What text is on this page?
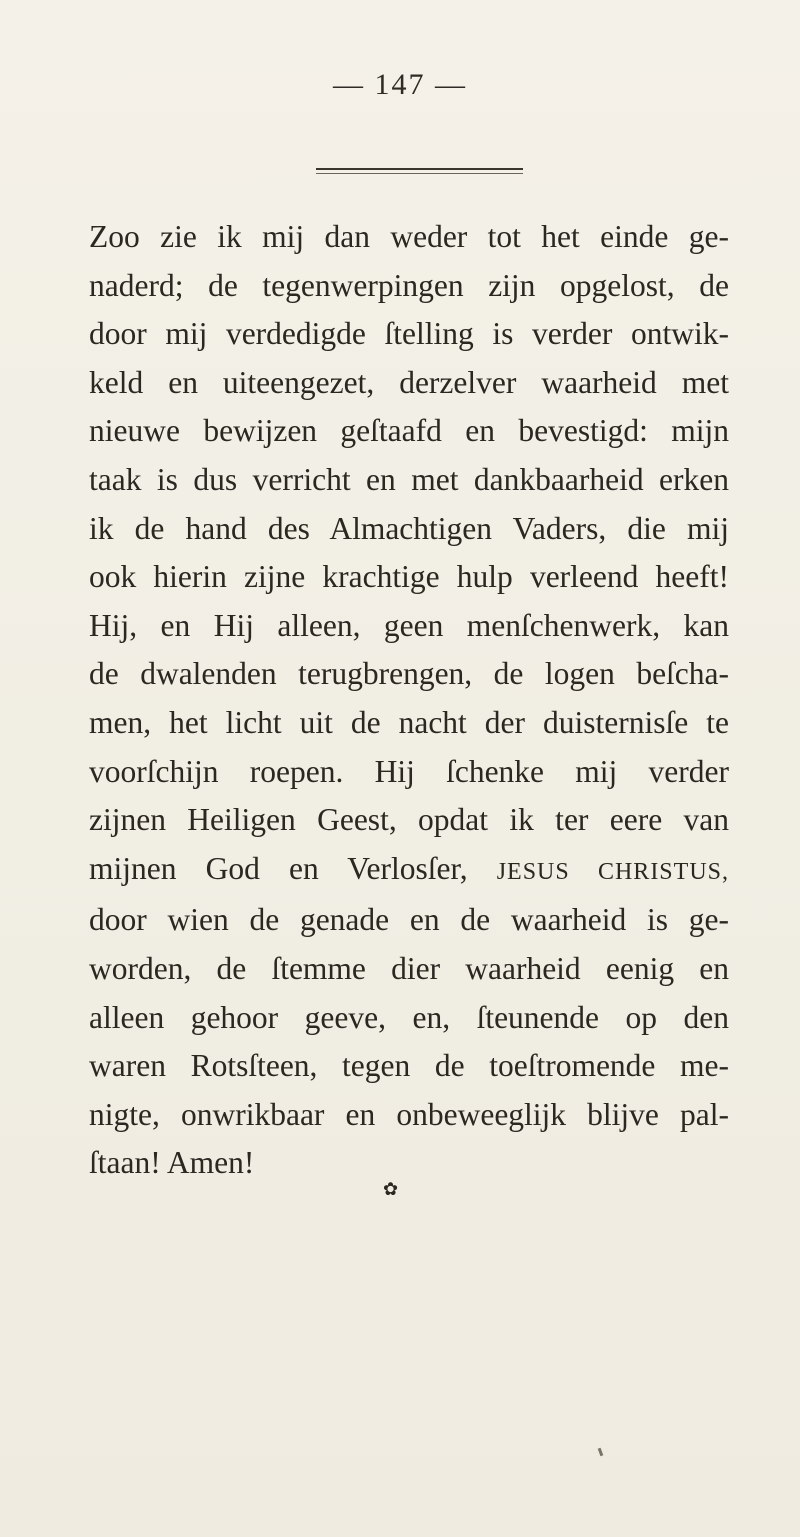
— 147 —
Zoo zie ik mij dan weder tot het einde ge-
naderd; de tegenwerpingen zijn opgelost, de
door mij verdedigde ſtelling is verder ontwik-
keld en uiteengezet, derzelver waarheid met
nieuwe bewijzen geſtaafd en bevestigd: mijn
taak is dus verricht en met dankbaarheid erken
ik de hand des Almachtigen Vaders, die mij
ook hierin zijne krachtige hulp verleend heeft!
Hij, en Hij alleen, geen menſchenwerk, kan
de dwalenden terugbrengen, de logen beſcha-
men, het licht uit de nacht der duisternisſe te
voorſchijn roepen. Hij ſchenke mij verder
zijnen Heiligen Geest, opdat ik ter eere van
mijnen God en Verlosſer, JESUS CHRISTUS,
door wien de genade en de waarheid is ge-
worden, de ſtemme dier waarheid eenig en
alleen gehoor geeve, en, ſteunende op den
waren Rotsſteen, tegen de toeſtromende me-
nigte, onwrikbaar en onbeweeglijk blijve pal-
ſtaan! Amen!
✿
